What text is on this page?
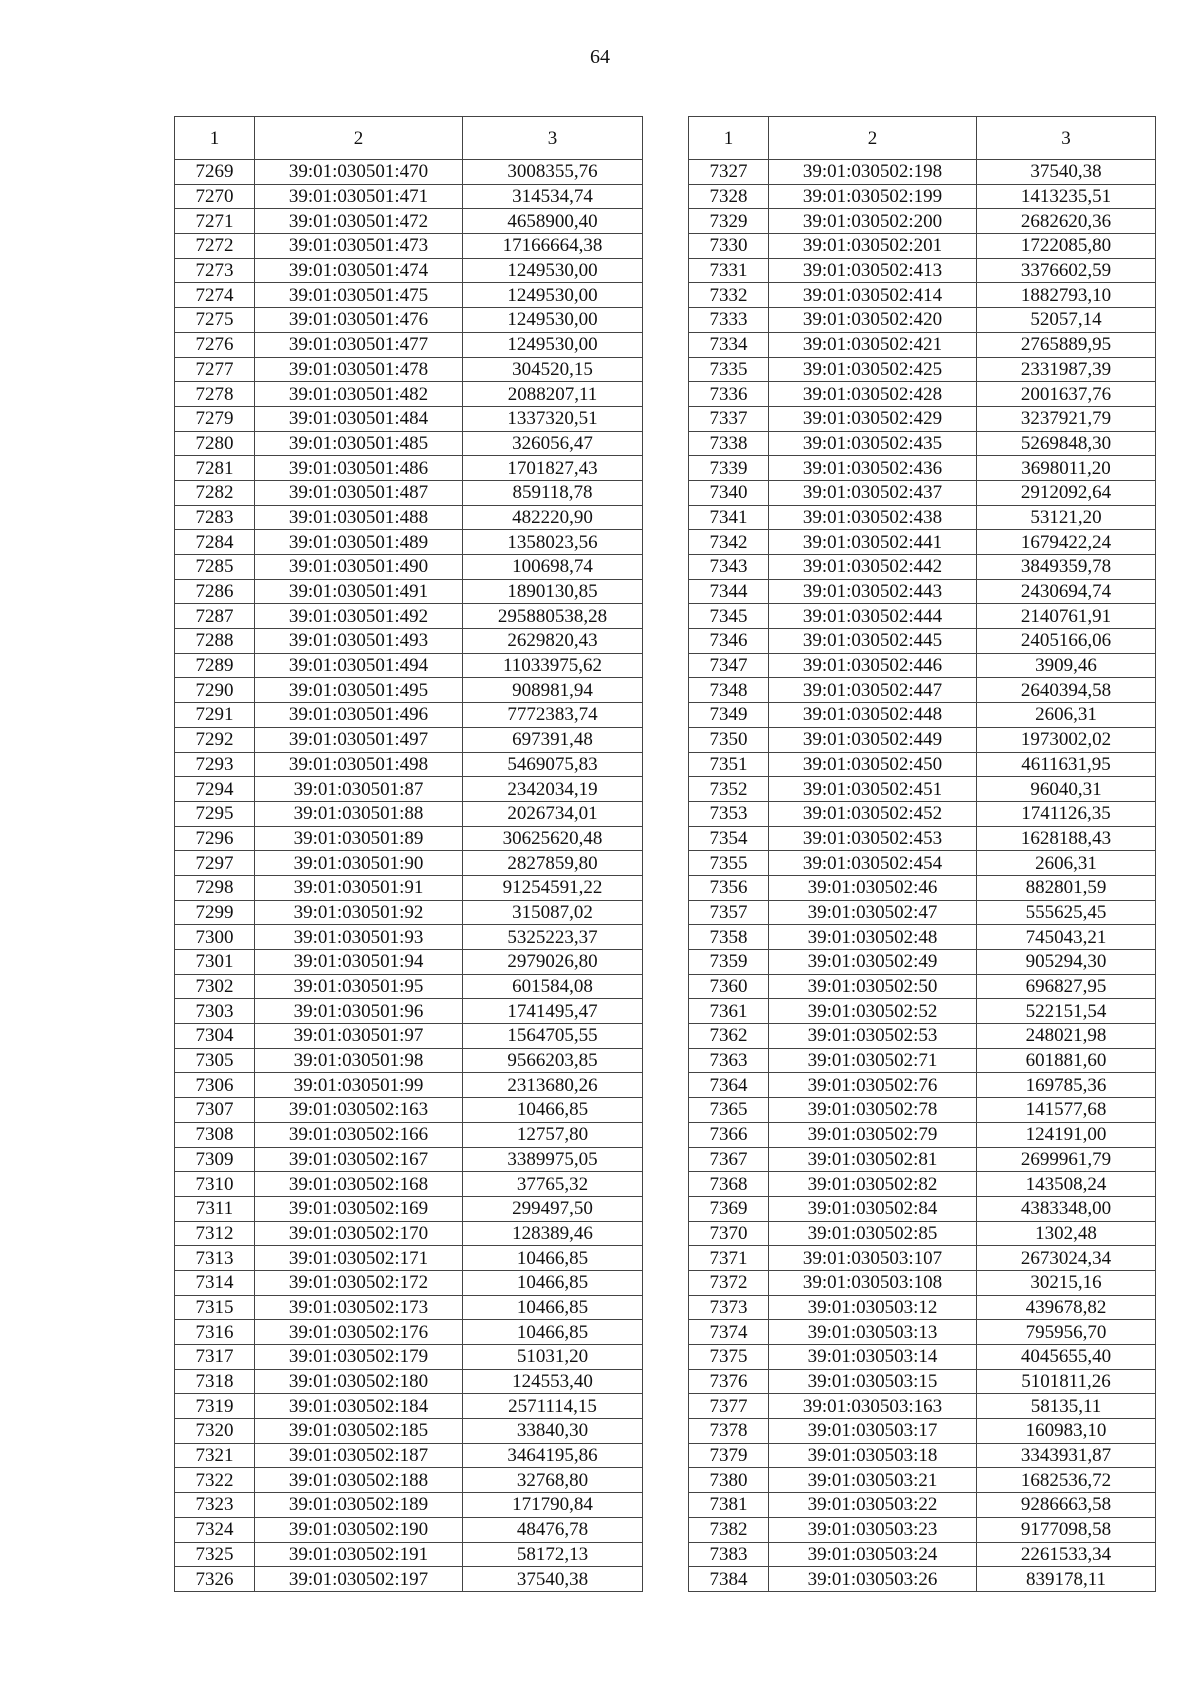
64
1	2	3
7269	39:01:030501:470	3008355,76
7270	39:01:030501:471	314534,74
7271	39:01:030501:472	4658900,40
7272	39:01:030501:473	17166664,38
7273	39:01:030501:474	1249530,00
7274	39:01:030501:475	1249530,00
7275	39:01:030501:476	1249530,00
7276	39:01:030501:477	1249530,00
7277	39:01:030501:478	304520,15
7278	39:01:030501:482	2088207,11
7279	39:01:030501:484	1337320,51
7280	39:01:030501:485	326056,47
7281	39:01:030501:486	1701827,43
7282	39:01:030501:487	859118,78
7283	39:01:030501:488	482220,90
7284	39:01:030501:489	1358023,56
7285	39:01:030501:490	100698,74
7286	39:01:030501:491	1890130,85
7287	39:01:030501:492	295880538,28
7288	39:01:030501:493	2629820,43
7289	39:01:030501:494	11033975,62
7290	39:01:030501:495	908981,94
7291	39:01:030501:496	7772383,74
7292	39:01:030501:497	697391,48
7293	39:01:030501:498	5469075,83
7294	39:01:030501:87	2342034,19
7295	39:01:030501:88	2026734,01
7296	39:01:030501:89	30625620,48
7297	39:01:030501:90	2827859,80
7298	39:01:030501:91	91254591,22
7299	39:01:030501:92	315087,02
7300	39:01:030501:93	5325223,37
7301	39:01:030501:94	2979026,80
7302	39:01:030501:95	601584,08
7303	39:01:030501:96	1741495,47
7304	39:01:030501:97	1564705,55
7305	39:01:030501:98	9566203,85
7306	39:01:030501:99	2313680,26
7307	39:01:030502:163	10466,85
7308	39:01:030502:166	12757,80
7309	39:01:030502:167	3389975,05
7310	39:01:030502:168	37765,32
7311	39:01:030502:169	299497,50
7312	39:01:030502:170	128389,46
7313	39:01:030502:171	10466,85
7314	39:01:030502:172	10466,85
7315	39:01:030502:173	10466,85
7316	39:01:030502:176	10466,85
7317	39:01:030502:179	51031,20
7318	39:01:030502:180	124553,40
7319	39:01:030502:184	2571114,15
7320	39:01:030502:185	33840,30
7321	39:01:030502:187	3464195,86
7322	39:01:030502:188	32768,80
7323	39:01:030502:189	171790,84
7324	39:01:030502:190	48476,78
7325	39:01:030502:191	58172,13
7326	39:01:030502:197	37540,38
1	2	3
7327	39:01:030502:198	37540,38
7328	39:01:030502:199	1413235,51
7329	39:01:030502:200	2682620,36
7330	39:01:030502:201	1722085,80
7331	39:01:030502:413	3376602,59
7332	39:01:030502:414	1882793,10
7333	39:01:030502:420	52057,14
7334	39:01:030502:421	2765889,95
7335	39:01:030502:425	2331987,39
7336	39:01:030502:428	2001637,76
7337	39:01:030502:429	3237921,79
7338	39:01:030502:435	5269848,30
7339	39:01:030502:436	3698011,20
7340	39:01:030502:437	2912092,64
7341	39:01:030502:438	53121,20
7342	39:01:030502:441	1679422,24
7343	39:01:030502:442	3849359,78
7344	39:01:030502:443	2430694,74
7345	39:01:030502:444	2140761,91
7346	39:01:030502:445	2405166,06
7347	39:01:030502:446	3909,46
7348	39:01:030502:447	2640394,58
7349	39:01:030502:448	2606,31
7350	39:01:030502:449	1973002,02
7351	39:01:030502:450	4611631,95
7352	39:01:030502:451	96040,31
7353	39:01:030502:452	1741126,35
7354	39:01:030502:453	1628188,43
7355	39:01:030502:454	2606,31
7356	39:01:030502:46	882801,59
7357	39:01:030502:47	555625,45
7358	39:01:030502:48	745043,21
7359	39:01:030502:49	905294,30
7360	39:01:030502:50	696827,95
7361	39:01:030502:52	522151,54
7362	39:01:030502:53	248021,98
7363	39:01:030502:71	601881,60
7364	39:01:030502:76	169785,36
7365	39:01:030502:78	141577,68
7366	39:01:030502:79	124191,00
7367	39:01:030502:81	2699961,79
7368	39:01:030502:82	143508,24
7369	39:01:030502:84	4383348,00
7370	39:01:030502:85	1302,48
7371	39:01:030503:107	2673024,34
7372	39:01:030503:108	30215,16
7373	39:01:030503:12	439678,82
7374	39:01:030503:13	795956,70
7375	39:01:030503:14	4045655,40
7376	39:01:030503:15	5101811,26
7377	39:01:030503:163	58135,11
7378	39:01:030503:17	160983,10
7379	39:01:030503:18	3343931,87
7380	39:01:030503:21	1682536,72
7381	39:01:030503:22	9286663,58
7382	39:01:030503:23	9177098,58
7383	39:01:030503:24	2261533,34
7384	39:01:030503:26	839178,11
